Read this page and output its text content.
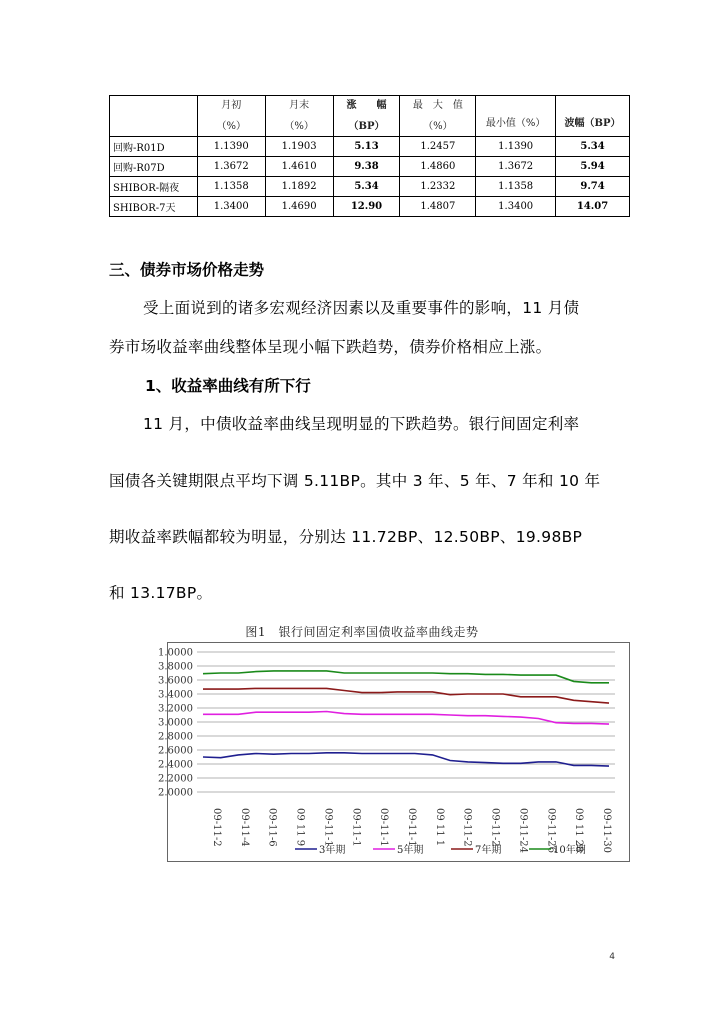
	月初	月末	涨　　幅	最　大　值	最小值（%）	波幅（BP）
	（%）	（%）	（BP）	（%）		
回购-R01D	1.1390	1.1903	5.13	1.2457	1.1390	5.34
回购-R07D	1.3672	1.4610	9.38	1.4860	1.3672	5.94
SHIBOR-隔夜	1.1358	1.1892	5.34	1.2332	1.1358	9.74
SHIBOR-7天	1.3400	1.4690	12.90	1.4807	1.3400	14.07
三、债券市场价格走势

受上面说到的诸多宏观经济因素以及重要事件的影响，11 月债

券市场收益率曲线整体呈现小幅下跌趋势，债券价格相应上涨。

1、收益率曲线有所下行

11 月，中债收益率曲线呈现明显的下跌趋势。银行间固定利率

国债各关键期限点平均下调 5.11BP。其中 3 年、5 年、7 年和 10 年

期收益率跌幅都较为明显，分别达 11.72BP、12.50BP、19.98BP

和 13.17BP。

图1　银行间固定利率国债收益率曲线走势

1.0000
3.8000
3.6000
3.4000
3.2000
3.0000
2.8000
2.6000
2.4000
2.2000
2.0000
09-11-2 09-11-4 09-11-6 09 11 9 09-11-1 09-11-1 09-11-1 09-11-1 09 11 1 09-11-2 09-11-2 09-11-24 09-11-26 09 11 28 09-11-30
3年期	5年期	7年期	10年期
4
